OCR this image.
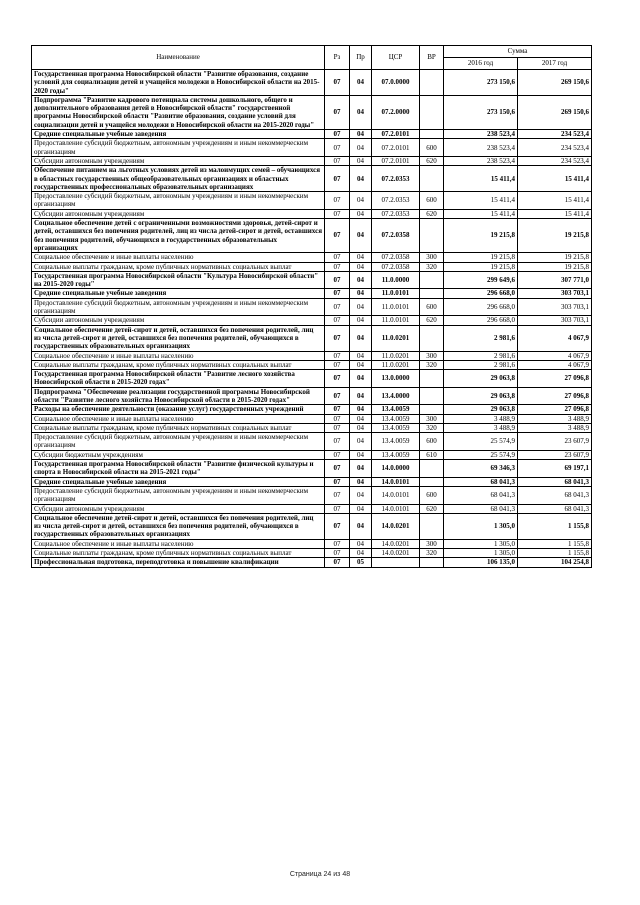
Наименование	Рз	Пр	ЦСР	ВР	Сумма	
					2016 год	2017 год
Государственная программа Новосибирской области "Развитие образования, создание условий для социализации детей и учащейся молодежи в Новосибирской области на 2015-2020 годы"	07	04	07.0.0000		273 150,6	269 150,6
Подпрограмма "Развитие кадрового потенциала системы дошкольного, общего и дополнительного образования детей в Новосибирской области" государственной программы Новосибирской области "Развитие образования, создание условий для социализации детей и учащейся молодежи в Новосибирской области на 2015-2020 годы"	07	04	07.2.0000		273 150,6	269 150,6
Средние специальные учебные заведения	07	04	07.2.0101		238 523,4	234 523,4
Предоставление субсидий бюджетным, автономным учреждениям и иным некоммерческим организациям	07	04	07.2.0101	600	238 523,4	234 523,4
Субсидии автономным учреждениям	07	04	07.2.0101	620	238 523,4	234 523,4
Обеспечение питанием на льготных условиях детей из малоимущих семей – обучающихся в областных государственных общеобразовательных организациях и областных государственных профессиональных образовательных организациях	07	04	07.2.0353		15 411,4	15 411,4
Предоставление субсидий бюджетным, автономным учреждениям и иным некоммерческим организациям	07	04	07.2.0353	600	15 411,4	15 411,4
Субсидии автономным учреждениям	07	04	07.2.0353	620	15 411,4	15 411,4
Социальное обеспечение детей с ограниченными возможностями здоровья, детей-сирот и детей, оставшихся без попечения родителей, лиц из числа детей-сирот и детей, оставшихся без попечения родителей, обучающихся в государственных образовательных организациях	07	04	07.2.0358		19 215,8	19 215,8
Социальное обеспечение и иные выплаты населению	07	04	07.2.0358	300	19 215,8	19 215,8
Социальные выплаты гражданам, кроме публичных нормативных социальных выплат	07	04	07.2.0358	320	19 215,8	19 215,8
Государственная программа Новосибирской области "Культура Новосибирской области" на 2015-2020 годы"	07	04	11.0.0000		299 649,6	307 771,0
Средние специальные учебные заведения	07	04	11.0.0101		296 668,0	303 703,1
Предоставление субсидий бюджетным, автономным учреждениям и иным некоммерческим организациям	07	04	11.0.0101	600	296 668,0	303 703,1
Субсидии автономным учреждениям	07	04	11.0.0101	620	296 668,0	303 703,1
Социальное обеспечение детей-сирот и детей, оставшихся без попечения родителей, лиц из числа детей-сирот и детей, оставшихся без попечения родителей, обучающихся в государственных образовательных организациях	07	04	11.0.0201		2 981,6	4 067,9
Социальное обеспечение и иные выплаты населению	07	04	11.0.0201	300	2 981,6	4 067,9
Социальные выплаты гражданам, кроме публичных нормативных социальных выплат	07	04	11.0.0201	320	2 981,6	4 067,9
Государственная программа Новосибирской области "Развитие лесного хозяйства Новосибирской области в 2015-2020 годах"	07	04	13.0.0000		29 063,8	27 096,8
Подпрограмма "Обеспечение реализации государственной программы Новосибирской области "Развитие лесного хозяйства Новосибирской области в 2015-2020 годах"	07	04	13.4.0000		29 063,8	27 096,8
Расходы на обеспечение деятельности (оказание услуг) государственных учреждений	07	04	13.4.0059		29 063,8	27 096,8
Социальное обеспечение и иные выплаты населению	07	04	13.4.0059	300	3 488,9	3 488,9
Социальные выплаты гражданам, кроме публичных нормативных социальных выплат	07	04	13.4.0059	320	3 488,9	3 488,9
Предоставление субсидий бюджетным, автономным учреждениям и иным некоммерческим организациям	07	04	13.4.0059	600	25 574,9	23 607,9
Субсидии бюджетным учреждениям	07	04	13.4.0059	610	25 574,9	23 607,9
Государственная программа Новосибирской области "Развитие физической культуры и спорта в Новосибирской области на 2015-2021 годы"	07	04	14.0.0000		69 346,3	69 197,1
Средние специальные учебные заведения	07	04	14.0.0101		68 041,3	68 041,3
Предоставление субсидий бюджетным, автономным учреждениям и иным некоммерческим организациям	07	04	14.0.0101	600	68 041,3	68 041,3
Субсидии автономным учреждениям	07	04	14.0.0101	620	68 041,3	68 041,3
Социальное обеспечение детей-сирот и детей, оставшихся без попечения родителей, лиц из числа детей-сирот и детей, оставшихся без попечения родителей, обучающихся в государственных образовательных организациях	07	04	14.0.0201		1 305,0	1 155,8
Социальное обеспечение и иные выплаты населению	07	04	14.0.0201	300	1 305,0	1 155,8
Социальные выплаты гражданам, кроме публичных нормативных социальных выплат	07	04	14.0.0201	320	1 305,0	1 155,8
Профессиональная подготовка, переподготовка и повышение квалификации	07	05			106 135,0	104 254,8
Страница 24 из 48
